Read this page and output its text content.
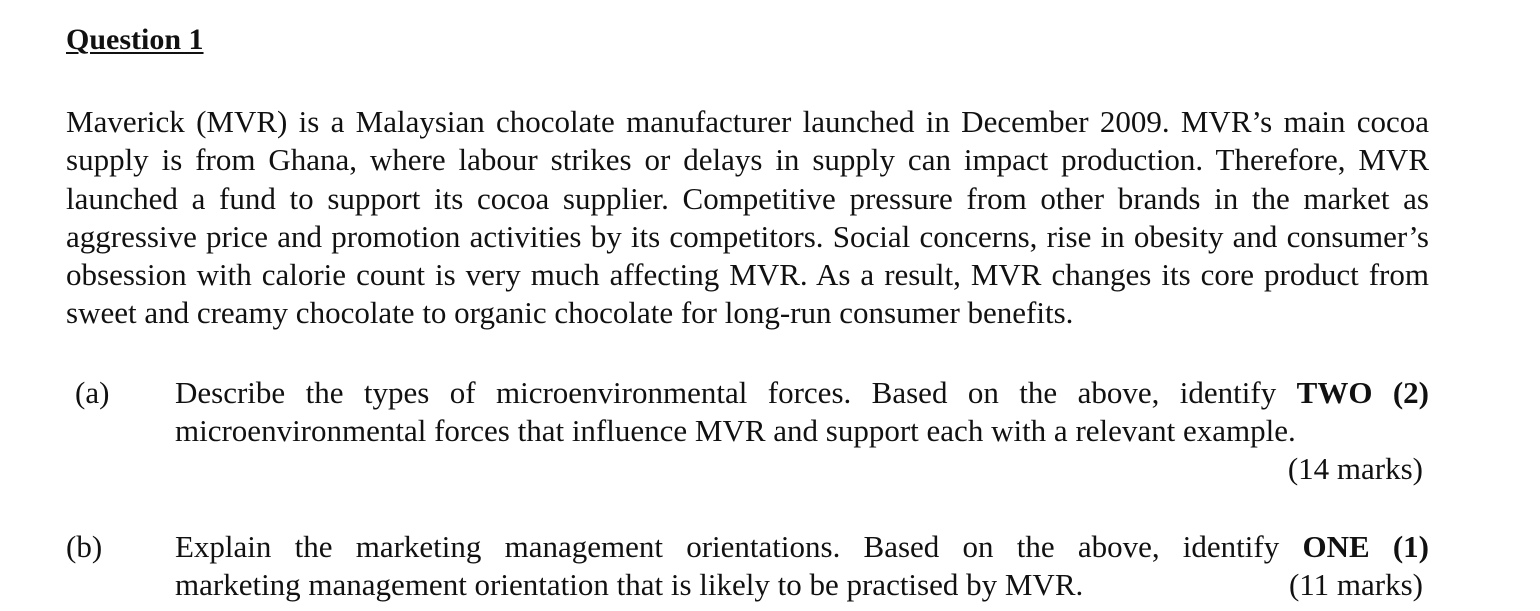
Question 1

Maverick (MVR) is a Malaysian chocolate manufacturer launched in December 2009. MVR’s main cocoa supply is from Ghana, where labour strikes or delays in supply can impact production. Therefore, MVR launched a fund to support its cocoa supplier. Competitive pressure from other brands in the market as aggressive price and promotion activities by its competitors. Social concerns, rise in obesity and consumer’s obsession with calorie count is very much affecting MVR. As a result, MVR changes its core product from sweet and creamy chocolate to organic chocolate for long-run consumer benefits.

(a) Describe the types of microenvironmental forces. Based on the above, identify TWO (2)
microenvironmental forces that influence MVR and support each with a relevant example.
(14 marks)
(b) Explain the marketing management orientations. Based on the above, identify ONE (1)
marketing management orientation that is likely to be practised by MVR.	(11 marks)
